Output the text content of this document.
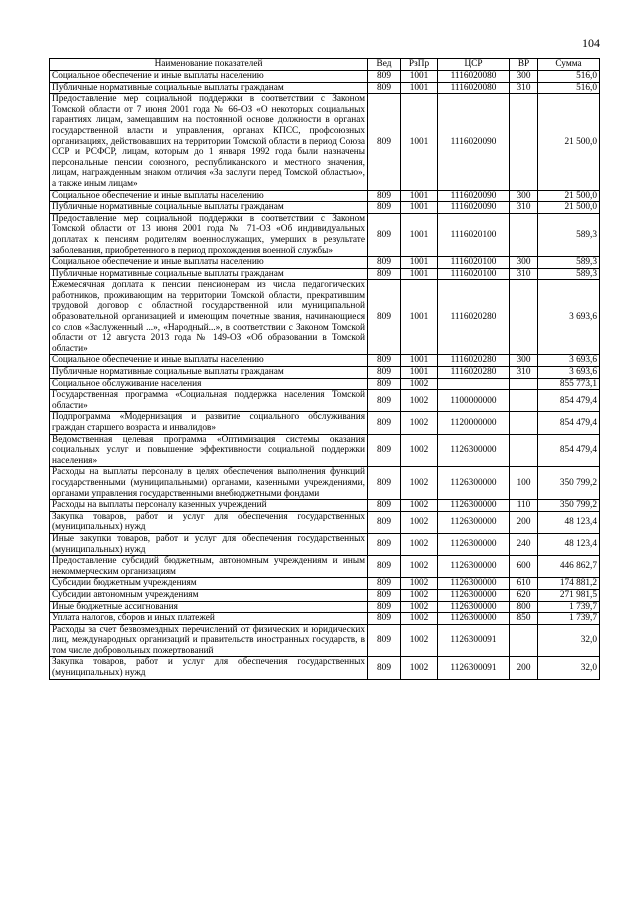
104
Наименование показателей	Вед	РзПр	ЦСР	ВР	Сумма
Социальное обеспечение и иные выплаты населению	809	1001	1116020080	300	516,0
Публичные нормативные социальные выплаты гражданам	809	1001	1116020080	310	516,0
Предоставление мер социальной поддержки в соответствии с Законом Томской области от 7 июня 2001 года № 66-ОЗ «О некоторых социальных гарантиях лицам, замещавшим на постоянной основе должности в органах государственной власти и управления, органах КПСС, профсоюзных организациях, действовавших на территории Томской области в период Союза ССР и РСФСР, лицам, которым до 1 января 1992 года были назначены персональные пенсии союзного, республиканского и местного значения, лицам, награжденным знаком отличия «За заслуги перед Томской областью», а также иным лицам»	809	1001	1116020090		21 500,0
Социальное обеспечение и иные выплаты населению	809	1001	1116020090	300	21 500,0
Публичные нормативные социальные выплаты гражданам	809	1001	1116020090	310	21 500,0
Предоставление мер социальной поддержки в соответствии с Законом Томской области от 13 июня 2001 года № 71-ОЗ «Об индивидуальных доплатах к пенсиям родителям военнослужащих, умерших в результате заболевания, приобретенного в период прохождения военной службы»	809	1001	1116020100		589,3
Социальное обеспечение и иные выплаты населению	809	1001	1116020100	300	589,3
Публичные нормативные социальные выплаты гражданам	809	1001	1116020100	310	589,3
Ежемесячная доплата к пенсии пенсионерам из числа педагогических работников, проживающим на территории Томской области, прекратившим трудовой договор с областной государственной или муниципальной образовательной организацией и имеющим почетные звания, начинающиеся со слов «Заслуженный ...», «Народный...», в соответствии с Законом Томской области от 12 августа 2013 года № 149-ОЗ «Об образовании в Томской области»	809	1001	1116020280		3 693,6
Социальное обеспечение и иные выплаты населению	809	1001	1116020280	300	3 693,6
Публичные нормативные социальные выплаты гражданам	809	1001	1116020280	310	3 693,6
Социальное обслуживание населения	809	1002			855 773,1
Государственная программа «Социальная поддержка населения Томской области»	809	1002	1100000000		854 479,4
Подпрограмма «Модернизация и развитие социального обслуживания граждан старшего возраста и инвалидов»	809	1002	1120000000		854 479,4
Ведомственная целевая программа «Оптимизация системы оказания социальных услуг и повышение эффективности социальной поддержки населения»	809	1002	1126300000		854 479,4
Расходы на выплаты персоналу в целях обеспечения выполнения функций государственными (муниципальными) органами, казенными учреждениями, органами управления государственными внебюджетными фондами	809	1002	1126300000	100	350 799,2
Расходы на выплаты персоналу казенных учреждений	809	1002	1126300000	110	350 799,2
Закупка товаров, работ и услуг для обеспечения государственных (муниципальных) нужд	809	1002	1126300000	200	48 123,4
Иные закупки товаров, работ и услуг для обеспечения государственных (муниципальных) нужд	809	1002	1126300000	240	48 123,4
Предоставление субсидий бюджетным, автономным учреждениям и иным некоммерческим организациям	809	1002	1126300000	600	446 862,7
Субсидии бюджетным учреждениям	809	1002	1126300000	610	174 881,2
Субсидии автономным учреждениям	809	1002	1126300000	620	271 981,5
Иные бюджетные ассигнования	809	1002	1126300000	800	1 739,7
Уплата налогов, сборов и иных платежей	809	1002	1126300000	850	1 739,7
Расходы за счет безвозмездных перечислений от физических и юридических лиц, международных организаций и правительств иностранных государств, в том числе добровольных пожертвований	809	1002	1126300091		32,0
Закупка товаров, работ и услуг для обеспечения государственных (муниципальных) нужд	809	1002	1126300091	200	32,0
